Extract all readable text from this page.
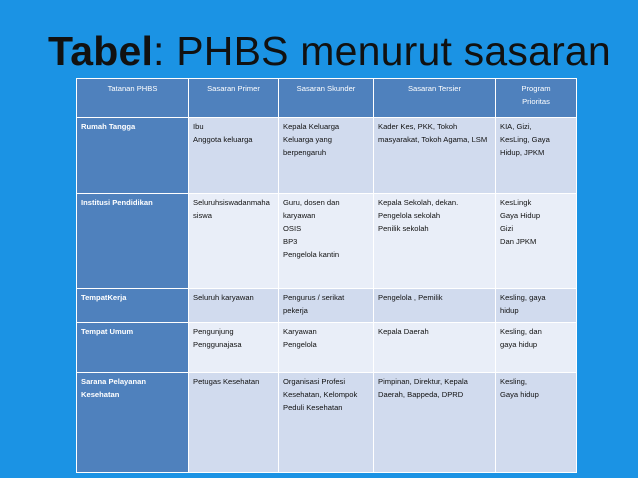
Tabel: PHBS menurut sasaran
Tatanan PHBS	Sasaran Primer	Sasaran Skunder	Sasaran Tersier	Program
Prioritas

Rumah Tangga	Ibu
Anggota keluarga	Kepala Keluarga
Keluarga yang
berpengaruh	Kader Kes, PKK, Tokoh
masyarakat, Tokoh Agama, LSM	KIA, Gizi,
KesLing, Gaya
Hidup, JPKM

Institusi Pendidikan	Seluruhsiswadanmaha
siswa	Guru, dosen dan
karyawan
OSIS
BP3
Pengelola kantin	Kepala Sekolah, dekan.
Pengelola sekolah
Penilik sekolah	KesLingk
Gaya Hidup
Gizi
Dan JPKM

TempatKerja	Seluruh karyawan	Pengurus / serikat
pekerja	Pengelola , Pemilik	Kesling, gaya
hidup

Tempat Umum	Pengunjung
Penggunajasa	Karyawan
Pengelola	Kepala Daerah	Kesling, dan
gaya hidup

Sarana Pelayanan Kesehatan	Petugas Kesehatan	Organisasi Profesi
Kesehatan, Kelompok
Peduli Kesehatan	Pimpinan, Direktur, Kepala
Daerah, Bappeda, DPRD	Kesling,
Gaya hidup
